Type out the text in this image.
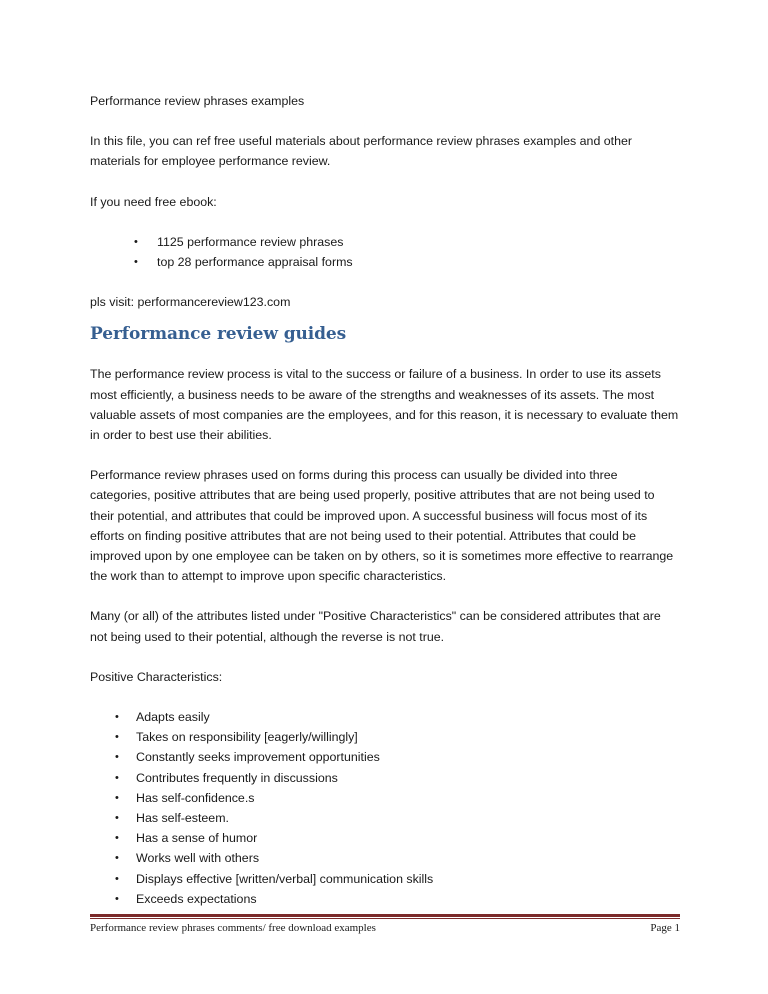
Performance review phrases examples

In this file, you can ref free useful materials about performance review phrases examples and other materials for employee performance review.

If you need free ebook:

• 1125 performance review phrases
• top 28 performance appraisal forms

pls visit: performancereview123.com

Performance review guides

The performance review process is vital to the success or failure of a business. In order to use its assets most efficiently, a business needs to be aware of the strengths and weaknesses of its assets. The most valuable assets of most companies are the employees, and for this reason, it is necessary to evaluate them in order to best use their abilities.

Performance review phrases used on forms during this process can usually be divided into three categories, positive attributes that are being used properly, positive attributes that are not being used to their potential, and attributes that could be improved upon. A successful business will focus most of its efforts on finding positive attributes that are not being used to their potential. Attributes that could be improved upon by one employee can be taken on by others, so it is sometimes more effective to rearrange the work than to attempt to improve upon specific characteristics.

Many (or all) of the attributes listed under "Positive Characteristics" can be considered attributes that are not being used to their potential, although the reverse is not true.

Positive Characteristics:

• Adapts easily
• Takes on responsibility [eagerly/willingly]
• Constantly seeks improvement opportunities
• Contributes frequently in discussions
• Has self-confidence.s
• Has self-esteem.
• Has a sense of humor
• Works well with others
• Displays effective [written/verbal] communication skills
• Exceeds expectations
Performance review phrases comments/ free download examples	Page 1
